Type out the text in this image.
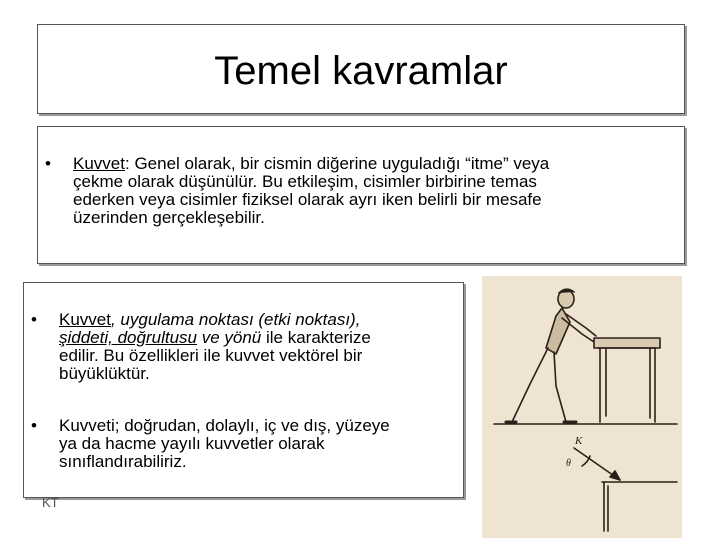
Temel kavramlar
• Kuvvet: Genel olarak, bir cismin diğerine uyguladığı “itme” veya
çekme olarak düşünülür. Bu etkileşim, cisimler birbirine temas
ederken veya cisimler fiziksel olarak ayrı iken belirli bir mesafe
üzerinden gerçekleşebilir.
• Kuvvet, uygulama noktası (etki noktası),
şiddeti, doğrultusu ve yönü ile karakterize
edilir. Bu özellikleri ile kuvvet vektörel bir
büyüklüktür.
• Kuvveti; doğrudan, dolaylı, iç ve dış, yüzeye
ya da hacme yayılı kuvvetler olarak
sınıflandırabiliriz.
KT
K
θ
